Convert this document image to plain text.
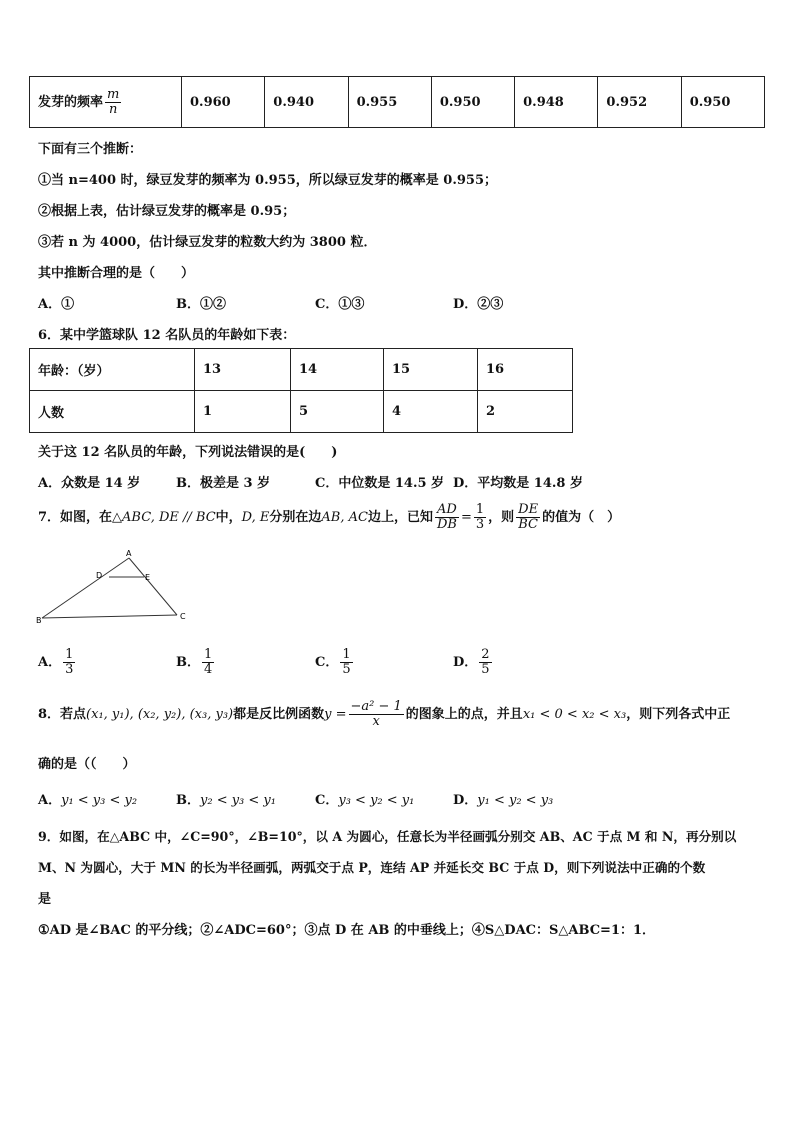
发芽的频率 $\frac{m}{n}$	0.960	0.940	0.955	0.950	0.948	0.952	0.950
下面有三个推断：
①当 n=400 时，绿豆发芽的频率为 0.955，所以绿豆发芽的概率是 0.955；
②根据上表，估计绿豆发芽的概率是 0.95；
③若 n 为 4000，估计绿豆发芽的粒数大约为 3800 粒．
其中推断合理的是（　　）
A．①	B．①②	C．①③	D．②③
6．某中学篮球队 12 名队员的年龄如下表：
年龄：（岁）	13	14	15	16
人数	1	5	4	2
关于这 12 名队员的年龄，下列说法错误的是(　　)
A．众数是 14 岁	B．极差是 3 岁	C．中位数是 14.5 岁 D．平均数是 14.8 岁
7．如图，在△ABC, DE // BC中，D, E分别在边AB, AC边上，已知 $\frac{AD}{DB} = \frac{1}{3}$ ，则 $\frac{DE}{BC}$ 的值为（　）
A
B	C
D	E
A． $\frac{1}{3}$	B． $\frac{1}{4}$	C． $\frac{1}{5}$	D． $\frac{2}{5}$
8．若点(x₁, y₁), (x₂, y₂), (x₃, y₃)都是反比例函数$y = \frac{\text{−a² − 1}}{x}$ 的图象上的点，并且x₁ < 0 < x₂ < x₃，则下列各式中正
确的是（（　　）
A．y₁ < y₃ < y₂	B．y₂ < y₃ < y₁	C．y₃ < y₂ < y₁	D．y₁ < y₂ < y₃
9．如图，在△ABC 中，∠C=90°，∠B=10°，以 A 为圆心，任意长为半径画弧分别交 AB、AC 于点 M 和 N，再分别以
M、N 为圆心，大于 MN 的长为半径画弧，两弧交于点 P，连结 AP 并延长交 BC 于点 D，则下列说法中正确的个数
是
①AD 是∠BAC 的平分线；②∠ADC=60°；③点 D 在 AB 的中垂线上；④S△DAC：S△ABC=1：1．
